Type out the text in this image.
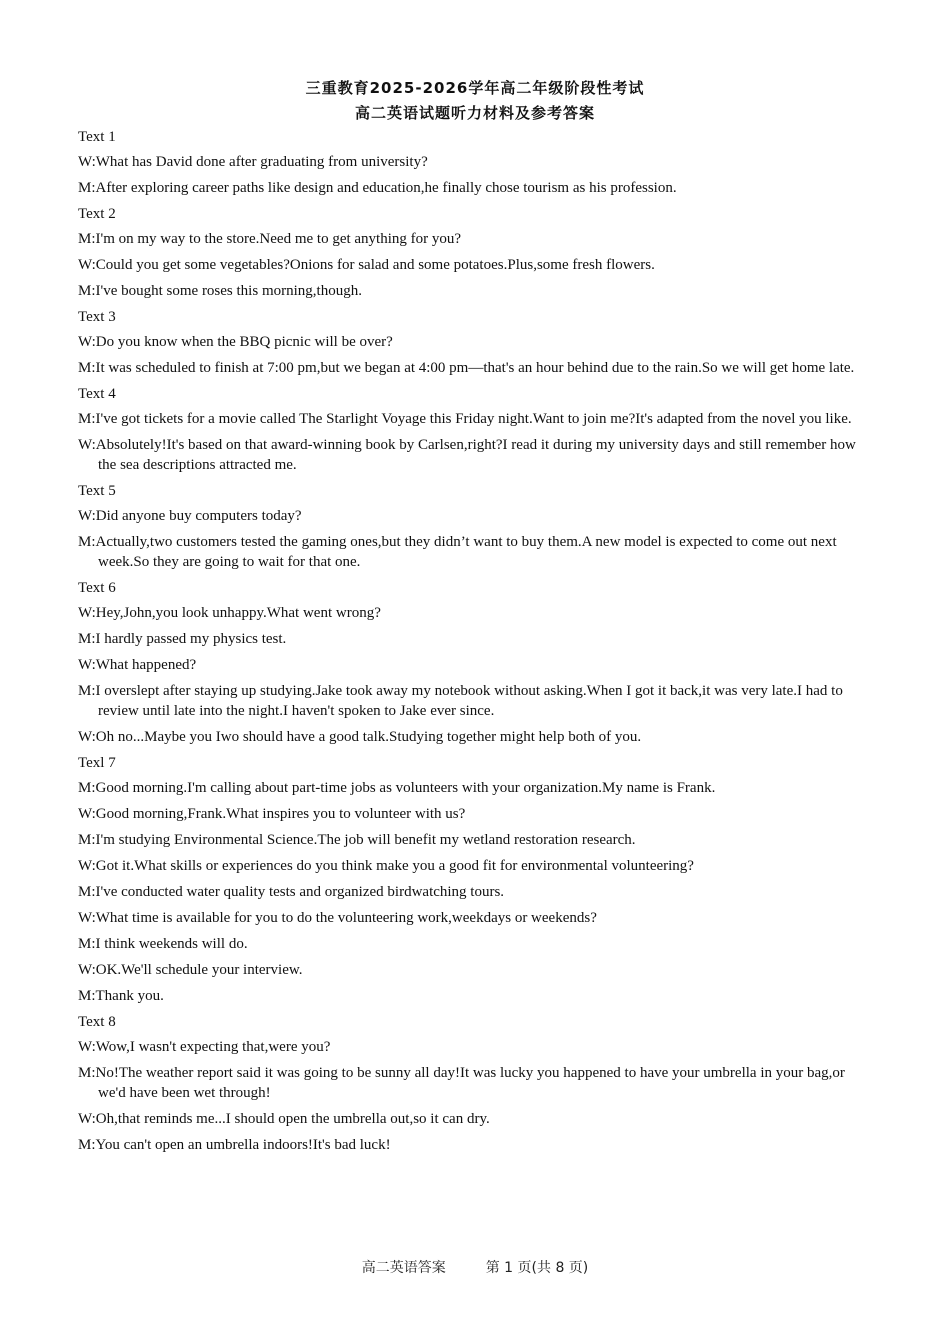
三重教育2025-2026学年高二年级阶段性考试
高二英语试题听力材料及参考答案
Text 1
W:What has David done after graduating from university?
M:After exploring career paths like design and education,he finally chose tourism as his profession.
Text 2
M:I'm on my way to the store.Need me to get anything for you?
W:Could you get some vegetables?Onions for salad and some potatoes.Plus,some fresh flowers.
M:I've bought some roses this morning,though.
Text 3
W:Do you know when the BBQ picnic will be over?
M:It was scheduled to finish at 7:00 pm,but we began at 4:00 pm—that's an hour behind due to the rain.So we will get home late.
Text 4
M:I've got tickets for a movie called The Starlight Voyage this Friday night.Want to join me?It's adapted from the novel you like.
W:Absolutely!It's based on that award-winning book by Carlsen,right?I read it during my university days and still remember how the sea descriptions attracted me.
Text 5
W:Did anyone buy computers today?
M:Actually,two customers tested the gaming ones,but they didn’t want to buy them.A new model is expected to come out next week.So they are going to wait for that one.
Text 6
W:Hey,John,you look unhappy.What went wrong?
M:I hardly passed my physics test.
W:What happened?
M:I overslept after staying up studying.Jake took away my notebook without asking.When I got it back,it was very late.I had to review until late into the night.I haven't spoken to Jake ever since.
W:Oh no...Maybe you Iwo should have a good talk.Studying together might help both of you.
Texl 7
M:Good morning.I'm calling about part-time jobs as volunteers with your organization.My name is Frank.
W:Good morning,Frank.What inspires you to volunteer with us?
M:I'm studying Environmental Science.The job will benefit my wetland restoration research.
W:Got it.What skills or experiences do you think make you a good fit for environmental volunteering?
M:I've conducted water quality tests and organized birdwatching tours.
W:What time is available for you to do the volunteering work,weekdays or weekends?
M:I think weekends will do.
W:OK.We'll schedule your interview.
M:Thank you.
Text 8
W:Wow,I wasn't expecting that,were you?
M:No!The weather report said it was going to be sunny all day!It was lucky you happened to have your umbrella in your bag,or we'd have been wet through!
W:Oh,that reminds me...I should open the umbrella out,so it can dry.
M:You can't open an umbrella indoors!It's bad luck!
高二英语答案	第 1 页(共 8 页)
